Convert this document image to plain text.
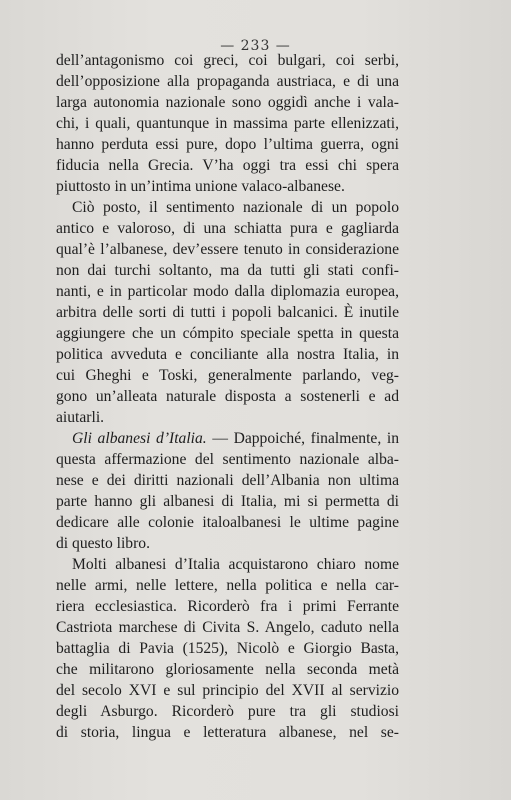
— 233 —
dell’antagonismo coi greci, coi bulgari, coi serbi,
dell’opposizione alla propaganda austriaca, e di una
larga autonomia nazionale sono oggidì anche i vala-
chi, i quali, quantunque in massima parte ellenizzati,
hanno perduta essi pure, dopo l’ultima guerra, ogni
fiducia nella Grecia. V’ha oggi tra essi chi spera
piuttosto in un’intima unione valaco-albanese.
Ciò posto, il sentimento nazionale di un popolo
antico e valoroso, di una schiatta pura e gagliarda
qual’è l’albanese, dev’essere tenuto in considerazione
non dai turchi soltanto, ma da tutti gli stati confi-
nanti, e in particolar modo dalla diplomazia europea,
arbitra delle sorti di tutti i popoli balcanici. È inutile
aggiungere che un cómpito speciale spetta in questa
politica avveduta e conciliante alla nostra Italia, in
cui Gheghi e Toski, generalmente parlando, veg-
gono un’alleata naturale disposta a sostenerli e ad
aiutarli.
Gli albanesi d’Italia. — Dappoiché, finalmente, in
questa affermazione del sentimento nazionale alba-
nese e dei diritti nazionali dell’Albania non ultima
parte hanno gli albanesi di Italia, mi si permetta di
dedicare alle colonie italoalbanesi le ultime pagine
di questo libro.
Molti albanesi d’Italia acquistarono chiaro nome
nelle armi, nelle lettere, nella politica e nella car-
riera ecclesiastica. Ricorderò fra i primi Ferrante
Castriota marchese di Civita S. Angelo, caduto nella
battaglia di Pavia (1525), Nicolò e Giorgio Basta,
che militarono gloriosamente nella seconda metà
del secolo XVI e sul principio del XVII al servizio
degli Asburgo. Ricorderò pure tra gli studiosi
di storia, lingua e letteratura albanese, nel se-
